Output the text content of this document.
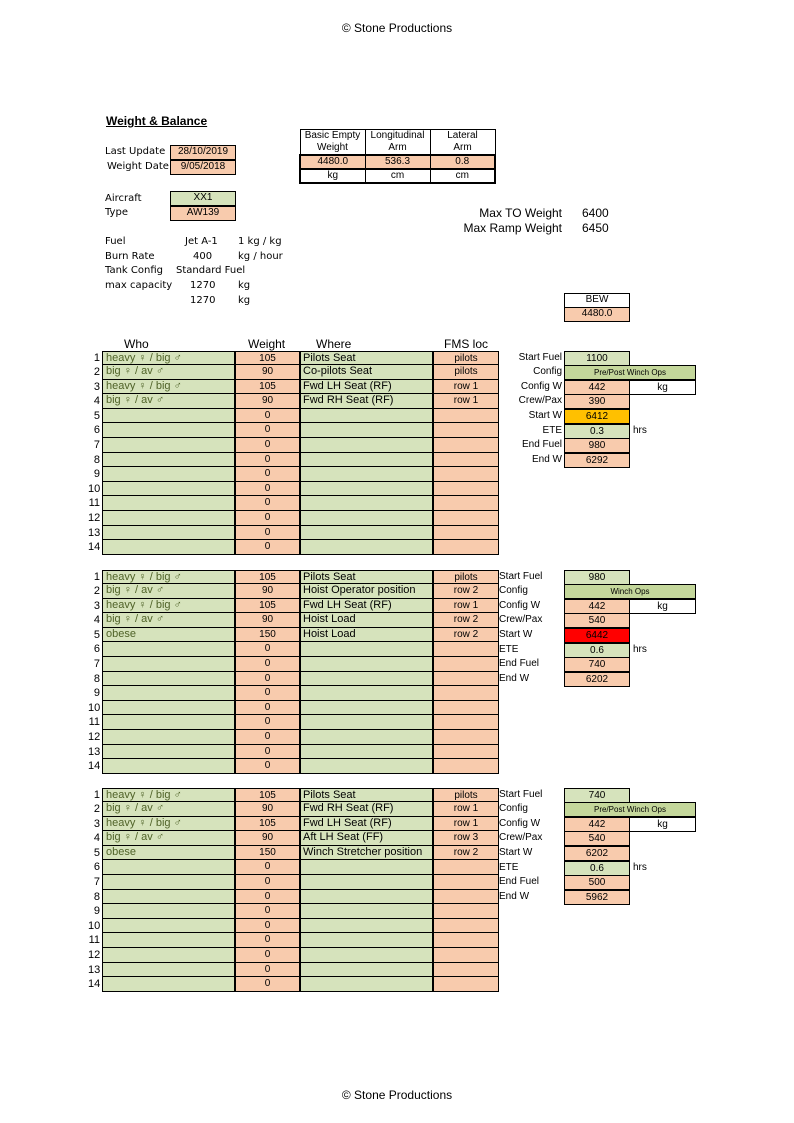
© Stone Productions
Weight & Balance
Last Update	28/10/2019
Weight Date	9/05/2018
Basic Empty	Longitudinal	Lateral
Weight	Arm	Arm
4480.0	536.3	0.8
kg	cm	cm
Aircraft	XX1
Type	AW139	Max TO Weight 6400
Max Ramp Weight 6450
Fuel	Jet A-1 1 kg / kg
Burn Rate	400	kg / hour
Tank Config Standard Fuel
max capacity 1270 kg
1270 kg	BEW
4480.0
Who	Weight	Where	FMS loc
1 heavy ♀ / big ♂	105	Pilots Seat	pilots
2 big ♀ / av ♂	90	Co-pilots Seat	pilots
3 heavy ♀ / big ♂	105	Fwd LH Seat (RF)	row 1
4 big ♀ / av ♂	90	Fwd RH Seat (RF)	row 1
5	0
6	0
7	0
8	0
9	0
10	0
11	0
12	0
13	0
14	0
Start Fuel	1100
Config	Pre/Post Winch Ops
Config W	442
Crew/Pax	390
Start W	6412
ETE	0.3
End Fuel	980
End W	6292
kg
hrs
1 heavy ♀ / big ♂	105	Pilots Seat	pilots
2 big ♀ / av ♂	90	Hoist Operator position	row 2
3 heavy ♀ / big ♂	105	Fwd LH Seat (RF)	row 1
4 big ♀ / av ♂	90	Hoist Load	row 2
5 obese	150	Hoist Load	row 2
6	0
7	0
8	0
9	0
10	0
11	0
12	0
13	0
14	0
Start Fuel	980
Config	Winch Ops
Config W	442
Crew/Pax	540
Start W	6442
ETE	0.6
End Fuel	740
End W	6202
kg
hrs
1 heavy ♀ / big ♂	105	Pilots Seat	pilots
2 big ♀ / av ♂	90	Fwd RH Seat (RF)	row 1
3 heavy ♀ / big ♂	105	Fwd LH Seat (RF)	row 1
4 big ♀ / av ♂	90	Aft LH Seat (FF)	row 3
5 obese	150	Winch Stretcher position	row 2
6	0
7	0
8	0
9	0
10	0
11	0
12	0
13	0
14	0
Start Fuel	740
Config	Pre/Post Winch Ops
Config W	442
Crew/Pax	540
Start W	6202
ETE	0.6
End Fuel	500
End W	5962
kg
hrs
© Stone Productions
